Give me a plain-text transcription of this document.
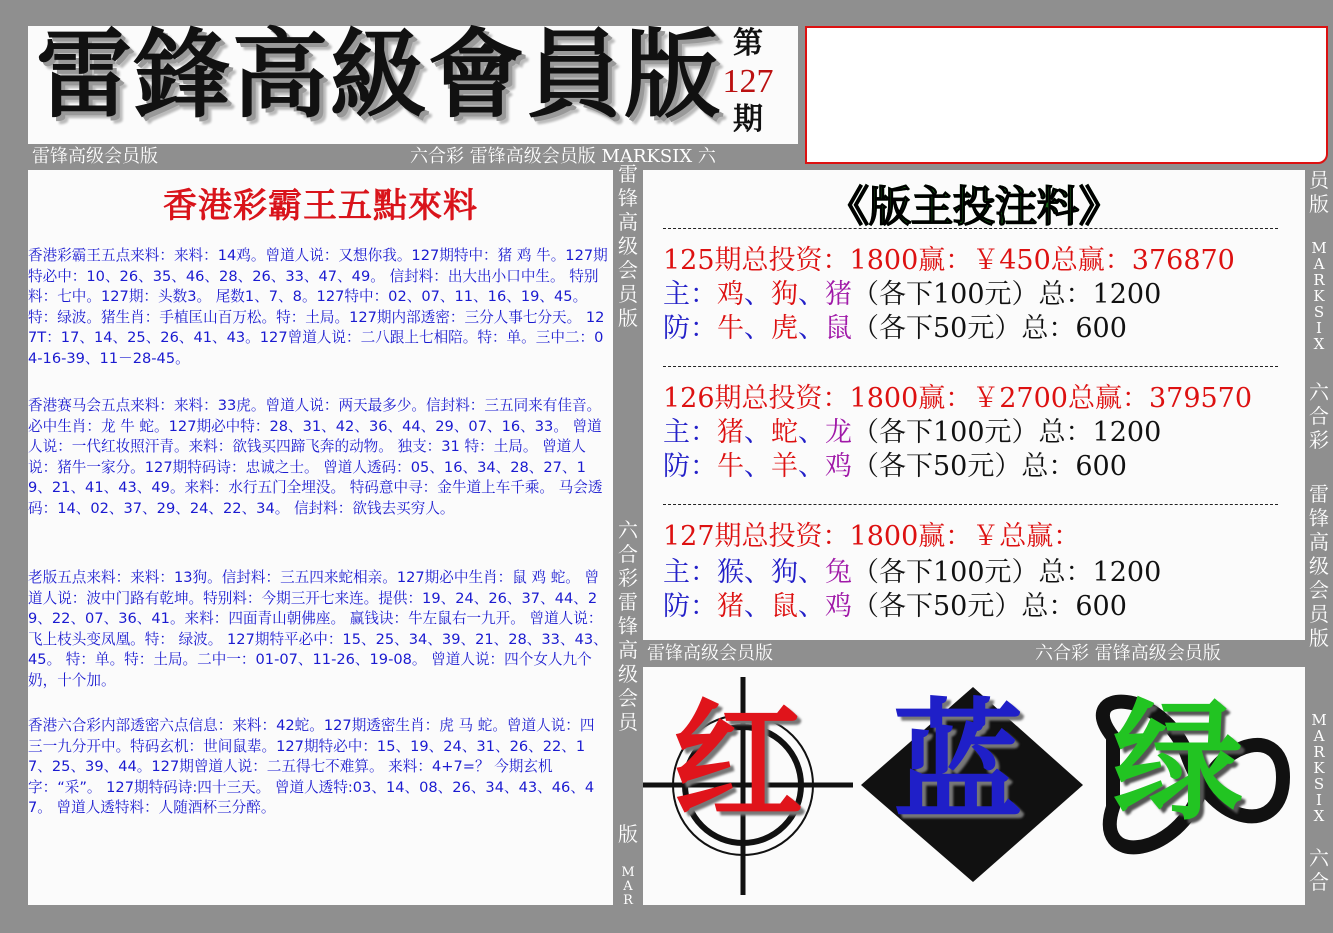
雷鋒高級會員版 第
127
期
雷锋高级会员版	六合彩 雷锋高级会员版 MARKSIX 六
雷锋高级会员版	六合彩 雷锋高级会员版
雷
锋
高
级
会
员
版
六
合
彩
雷
锋
高
级
会
员
版
M
A
R
员
版
M
A
R
K
S
I
X
六
合
彩
雷
锋
高
级
会
员
版
M
A
R
K
S
I
X
六
合
香港彩霸王五點來料
香港彩霸王五点来料：来料：14鸡。曾道人说：又想你我。127期特中：猪 鸡 牛。127期特必中：10、26、35、46、28、26、33、47、49。 信封料：出大出小口中生。 特别料：七中。127期：头数3。 尾数1、7、8。127特中：02、07、11、16、19、45。 特：绿波。猪生肖：手植匡山百万松。特：土局。127期内部透密：三分人事七分天。 127T：17、14、25、26、41、43。127曾道人说：二八跟上七相陪。特：单。三中二：04-16-39、11－28-45。
香港赛马会五点来料：来料：33虎。曾道人说：两天最多少。信封料：三五同来有佳音。 必中生肖：龙 牛 蛇。127期必中特：28、31、42、36、44、29、07、16、33。 曾道人说：一代红妆照汗青。来料：欲钱买四蹄飞奔的动物。 独支：31 特：土局。 曾道人说：猪牛一家分。127期特码诗：忠诚之士。 曾道人透码：05、16、34、28、27、19、21、41、43、49。来料：水行五门全埋没。 特码意中寻：金牛道上车千乘。 马会透码：14、02、37、29、24、22、34。 信封料：欲钱去买穷人。
老版五点来料：来料：13狗。信封料：三五四来蛇相亲。127期必中生肖：鼠 鸡 蛇。 曾道人说：波中门路有乾坤。特别料：今期三开七来连。提供：19、24、26、37、44、29、22、07、36、41。来料：四面青山朝佛座。 赢钱诀：牛左鼠右一九开。 曾道人说：飞上枝头变凤凰。特： 绿波。 127期特平必中：15、25、34、39、21、28、33、43、45。 特：单。特：土局。二中一：01-07、11-26、19-08。 曾道人说：四个女人九个奶，十个加。
香港六合彩内部透密六点信息：来料：42蛇。127期透密生肖：虎 马 蛇。曾道人说：四三一九分开中。特码玄机：世间鼠辈。127期特必中：15、19、24、31、26、22、17、25、39、44。127期曾道人说：二五得七不难算。 来料：4+7=？ 今期玄机字：“采”。 127期特码诗:四十三天。 曾道人透特:03、14、08、26、34、43、46、47。 曾道人透特料：人随酒杯三分醉。
《版主投注料》
125期总投资：1800赢：￥450总赢：376870
主：鸡、狗、猪（各下100元）总：1200
防：牛、虎、鼠（各下50元）总：600
126期总投资：1800赢：￥2700总赢：379570
主：猪、蛇、龙（各下100元）总：1200
防：牛、羊、鸡（各下50元）总：600
127期总投资：1800赢：￥总赢：
主：猴、狗、兔（各下100元）总：1200
防：猪、鼠、鸡（各下50元）总：600
红 蓝 绿
